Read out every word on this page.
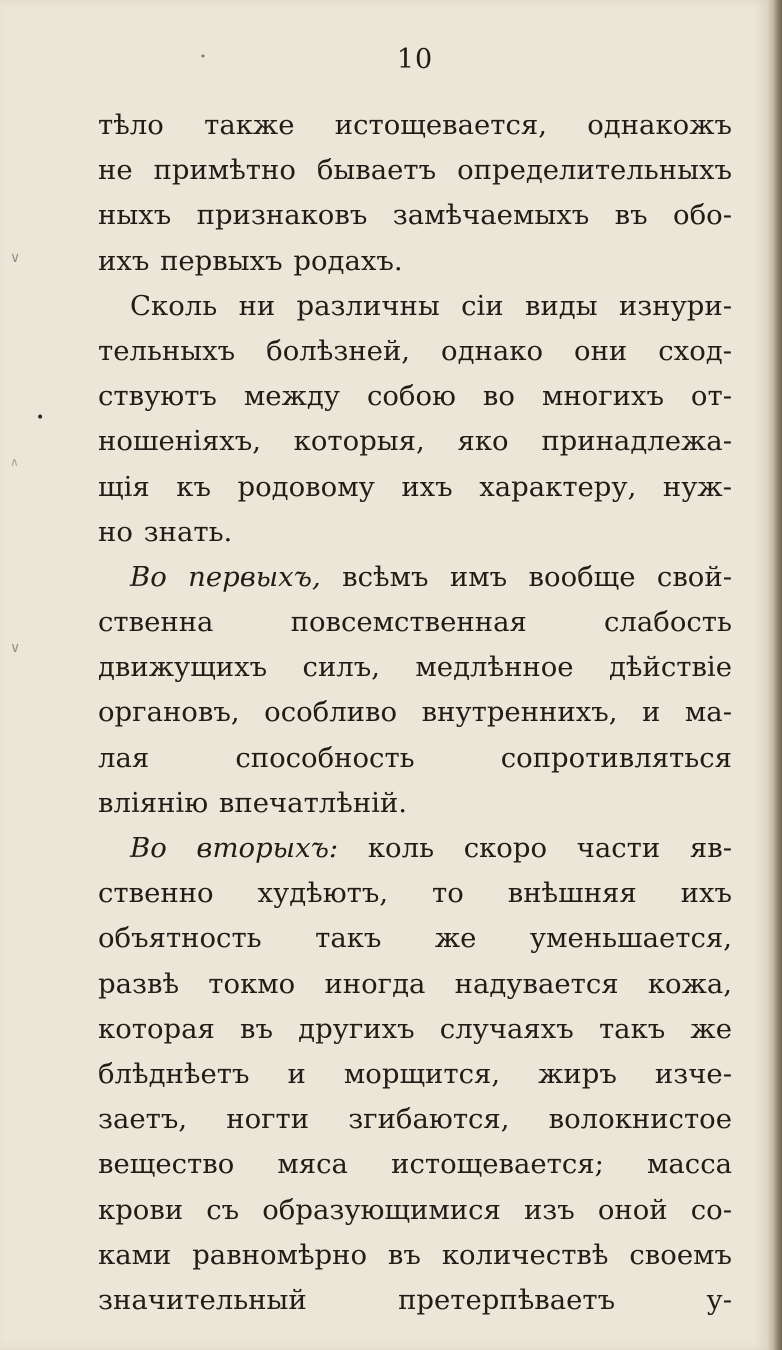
10
тѣло также истощевается, однакожъ
не примѣтно бываетъ определительныхъ
ныхъ признаковъ замѣчаемыхъ въ обо-
ихъ первыхъ родахъ.
Сколь ни различны сіи виды изнури-
тельныхъ болѣзней, однако они сход-
ствуютъ между собою во многихъ от-
ношеніяхъ, которыя, яко принадлежа-
щія къ родовому ихъ характеру, нуж-
но знать.
Во первыхъ, всѣмъ имъ вообще свой-
ственна повсемственная слабость
движущихъ силъ, медлѣнное дѣйствіе
органовъ, особливо внутреннихъ, и ма-
лая способность сопротивляться
вліянію впечатлѣній.
Во вторыхъ: коль скоро части яв-
ственно худѣютъ, то внѣшняя ихъ
объятность такъ же уменьшается,
развѣ токмо иногда надувается кожа,
которая въ другихъ случаяхъ такъ же
блѣднѣетъ и морщится, жиръ изче-
заетъ, ногти згибаются, волокнистое
вещество мяса истощевается; масса
крови съ образующимися изъ оной со-
ками равномѣрно въ количествѣ своемъ
значительный претерпѣваетъ у-
•
•
∨
∨
∧
